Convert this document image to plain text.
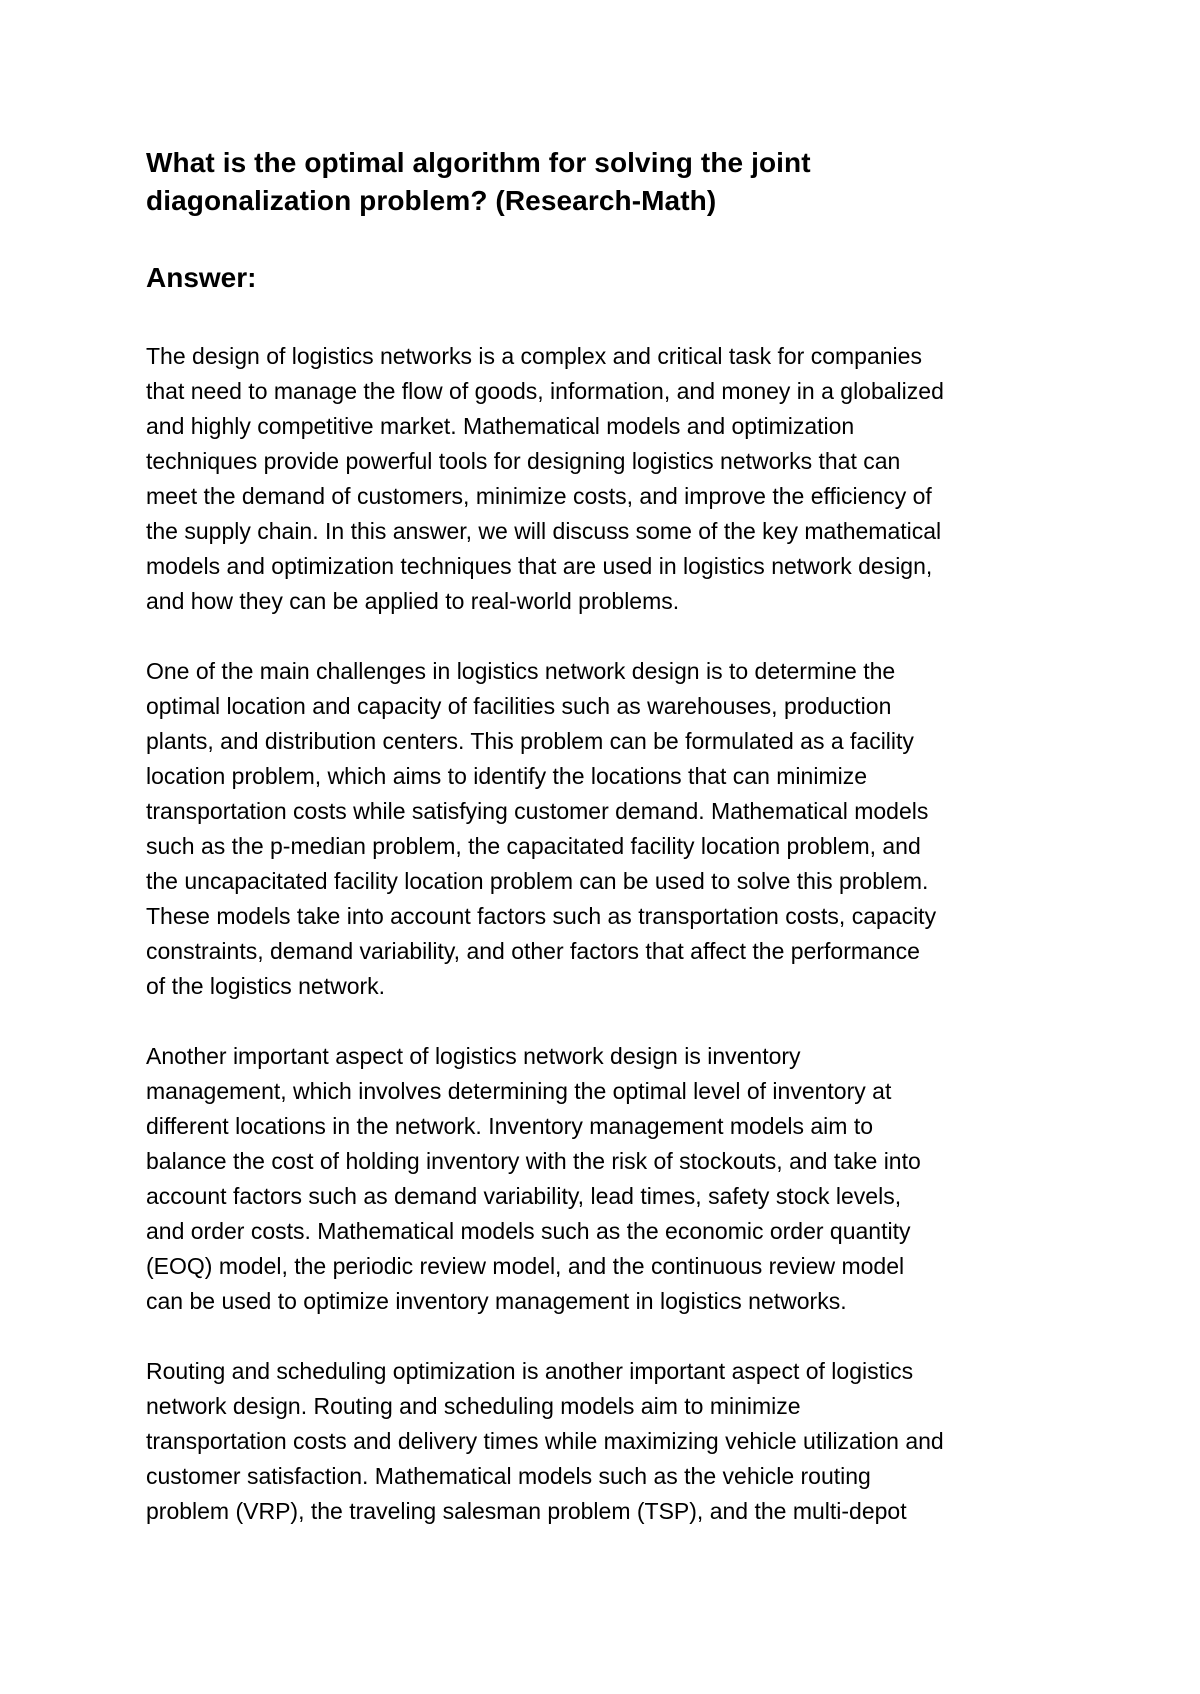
What is the optimal algorithm for solving the joint
diagonalization problem? (Research-Math)
Answer:

The design of logistics networks is a complex and critical task for companies
that need to manage the flow of goods, information, and money in a globalized
and highly competitive market. Mathematical models and optimization
techniques provide powerful tools for designing logistics networks that can
meet the demand of customers, minimize costs, and improve the efficiency of
the supply chain. In this answer, we will discuss some of the key mathematical
models and optimization techniques that are used in logistics network design,
and how they can be applied to real-world problems.

One of the main challenges in logistics network design is to determine the
optimal location and capacity of facilities such as warehouses, production
plants, and distribution centers. This problem can be formulated as a facility
location problem, which aims to identify the locations that can minimize
transportation costs while satisfying customer demand. Mathematical models
such as the p-median problem, the capacitated facility location problem, and
the uncapacitated facility location problem can be used to solve this problem.
These models take into account factors such as transportation costs, capacity
constraints, demand variability, and other factors that affect the performance
of the logistics network.

Another important aspect of logistics network design is inventory
management, which involves determining the optimal level of inventory at
different locations in the network. Inventory management models aim to
balance the cost of holding inventory with the risk of stockouts, and take into
account factors such as demand variability, lead times, safety stock levels,
and order costs. Mathematical models such as the economic order quantity
(EOQ) model, the periodic review model, and the continuous review model
can be used to optimize inventory management in logistics networks.

Routing and scheduling optimization is another important aspect of logistics
network design. Routing and scheduling models aim to minimize
transportation costs and delivery times while maximizing vehicle utilization and
customer satisfaction. Mathematical models such as the vehicle routing
problem (VRP), the traveling salesman problem (TSP), and the multi-depot
